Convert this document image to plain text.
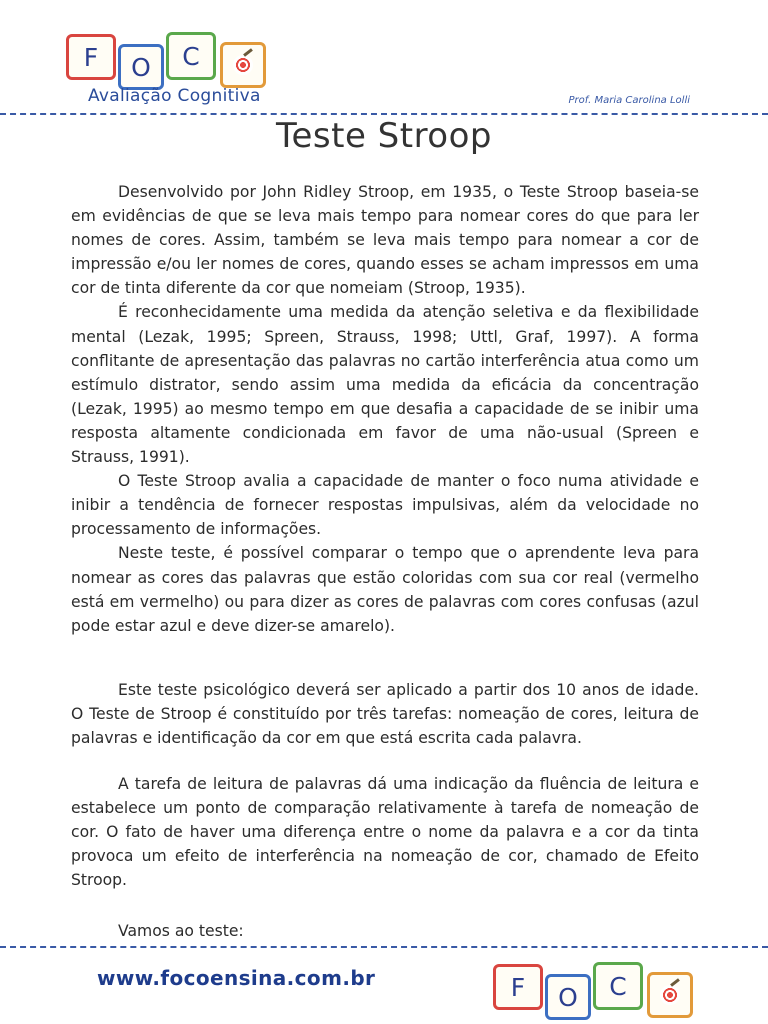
F	O	C
Avaliação Cognitiva	Prof. Maria Carolina Lolli
Teste Stroop

Desenvolvido por John Ridley Stroop, em 1935, o Teste Stroop baseia-se em evidências de que se leva mais tempo para nomear cores do que para ler nomes de cores. Assim, também se leva mais tempo para nomear a cor de impressão e/ou ler nomes de cores, quando esses se acham impressos em uma cor de tinta diferente da cor que nomeiam (Stroop, 1935).

É reconhecidamente uma medida da atenção seletiva e da flexibilidade mental (Lezak, 1995; Spreen, Strauss, 1998; Uttl, Graf, 1997). A forma conflitante de apresentação das palavras no cartão interferência atua como um estímulo distrator, sendo assim uma medida da eficácia da concentração (Lezak, 1995) ao mesmo tempo em que desafia a capacidade de se inibir uma resposta altamente condicionada em favor de uma não-usual (Spreen e Strauss, 1991).

O Teste Stroop avalia a capacidade de manter o foco numa atividade e inibir a tendência de fornecer respostas impulsivas, além da velocidade no processamento de informações.

Neste teste, é possível comparar o tempo que o aprendente leva para nomear as cores das palavras que estão coloridas com sua cor real (vermelho está em vermelho) ou para dizer as cores de palavras com cores confusas (azul pode estar azul e deve dizer-se amarelo).

Este teste psicológico deverá ser aplicado a partir dos 10 anos de idade. O Teste de Stroop é constituído por três tarefas: nomeação de cores, leitura de palavras e identificação da cor em que está escrita cada palavra.

A tarefa de leitura de palavras dá uma indicação da fluência de leitura e estabelece um ponto de comparação relativamente à tarefa de nomeação de cor. O fato de haver uma diferença entre o nome da palavra e a cor da tinta provoca um efeito de interferência na nomeação de cor, chamado de Efeito Stroop.

Vamos ao teste:

www.focoensina.com.br	F	O	C
